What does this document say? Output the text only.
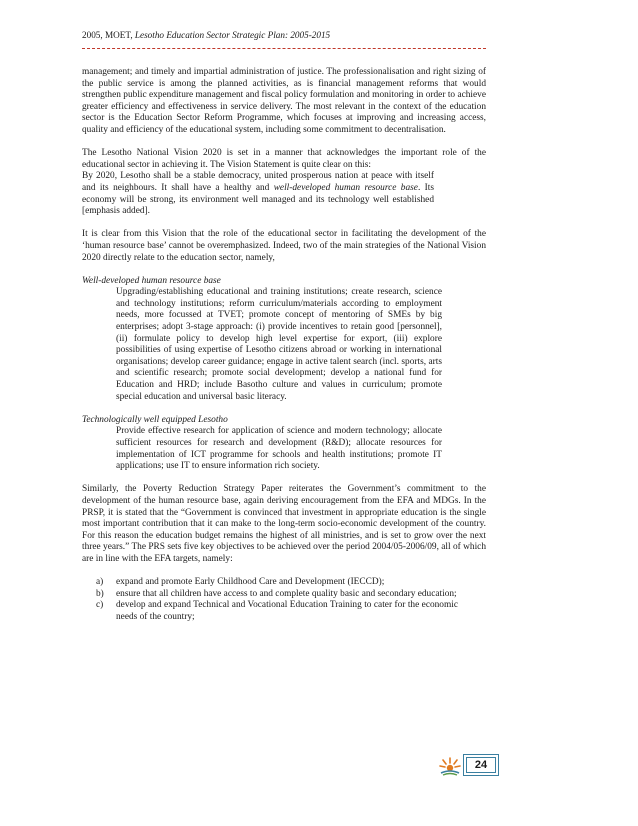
2005, MOET, Lesotho Education Sector Strategic Plan: 2005-2015

management; and timely and impartial administration of justice. The professionalisation and right sizing of the public service is among the planned activities, as is financial management reforms that would strengthen public expenditure management and fiscal policy formulation and monitoring in order to achieve greater efficiency and effectiveness in service delivery. The most relevant in the context of the education sector is the Education Sector Reform Programme, which focuses at improving and increasing access, quality and efficiency of the educational system, including some commitment to decentralisation.

The Lesotho National Vision 2020 is set in a manner that acknowledges the important role of the educational sector in achieving it. The Vision Statement is quite clear on this:

By 2020, Lesotho shall be a stable democracy, united prosperous nation at peace with itself and its neighbours. It shall have a healthy and well-developed human resource base. Its economy will be strong, its environment well managed and its technology well established [emphasis added].

It is clear from this Vision that the role of the educational sector in facilitating the development of the ‘human resource base’ cannot be overemphasized. Indeed, two of the main strategies of the National Vision 2020 directly relate to the education sector, namely,

Well-developed human resource base

Upgrading/establishing educational and training institutions; create research, science and technology institutions; reform curriculum/materials according to employment needs, more focussed at TVET; promote concept of mentoring of SMEs by big enterprises; adopt 3-stage approach: (i) provide incentives to retain good [personnel], (ii) formulate policy to develop high level expertise for export, (iii) explore possibilities of using expertise of Lesotho citizens abroad or working in international organisations; develop career guidance; engage in active talent search (incl. sports, arts and scientific research; promote social development; develop a national fund for Education and HRD; include Basotho culture and values in curriculum; promote special education and universal basic literacy.

Technologically well equipped Lesotho

Provide effective research for application of science and modern technology; allocate sufficient resources for research and development (R&D); allocate resources for implementation of ICT programme for schools and health institutions; promote IT applications; use IT to ensure information rich society.

Similarly, the Poverty Reduction Strategy Paper reiterates the Government’s commitment to the development of the human resource base, again deriving encouragement from the EFA and MDGs. In the PRSP, it is stated that the “Government is convinced that investment in appropriate education is the single most important contribution that it can make to the long-term socio-economic development of the country. For this reason the education budget remains the highest of all ministries, and is set to grow over the next three years.” The PRS sets five key objectives to be achieved over the period 2004/05-2006/09, all of which are in line with the EFA targets, namely:

a)	expand and promote Early Childhood Care and Development (IECCD);
b)	ensure that all children have access to and complete quality basic and secondary education;
c)	develop and expand Technical and Vocational Education Training to cater for the economic needs of the country;
24
